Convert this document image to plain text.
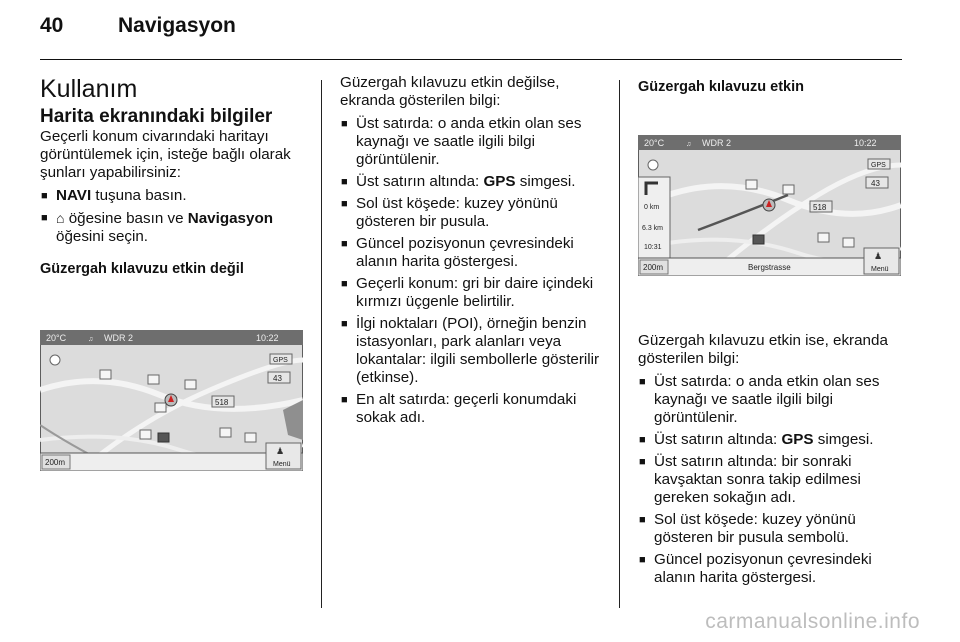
40	Navigasyon
Kullanım
Harita ekranındaki bilgiler

Geçerli konum civarındaki haritayı görüntülemek için, isteğe bağlı olarak şunları yapabilirsiniz:

■ NAVI tuşuna basın.
■ ⌂ öğesine basın ve Navigasyon öğesini seçin.
Güzergah kılavuzu etkin değil
20°C	♫ WDR 2	10:22
GPS
43
518
200m
♟
Menü

Güzergah kılavuzu etkin değilse, ekranda gösterilen bilgi:

■ Üst satırda: o anda etkin olan ses kaynağı ve saatle ilgili bilgi görüntülenir.
■ Üst satırın altında: GPS simgesi.
■ Sol üst köşede: kuzey yönünü gösteren bir pusula.
■ Güncel pozisyonun çevresindeki alanın harita göstergesi.
■ Geçerli konum: gri bir daire içindeki kırmızı üçgenle belirtilir.
■ İlgi noktaları (POI), örneğin benzin istasyonları, park alanları veya lokantalar: ilgili sembollerle gösterilir (etkinse).
■ En alt satırda: geçerli konumdaki sokak adı.
Güzergah kılavuzu etkin
20°C	♫ WDR 2	10:22
0 km
6.3 km
10:31
GPS
43
518
200m	Bergstrasse
♟
Menü

Güzergah kılavuzu etkin ise, ekranda gösterilen bilgi:

■ Üst satırda: o anda etkin olan ses kaynağı ve saatle ilgili bilgi görüntülenir.
■ Üst satırın altında: GPS simgesi.
■ Üst satırın altında: bir sonraki kavşaktan sonra takip edilmesi gereken sokağın adı.
■ Sol üst köşede: kuzey yönünü gösteren bir pusula sembolü.
■ Güncel pozisyonun çevresindeki alanın harita göstergesi.
carmanualsonline.info
